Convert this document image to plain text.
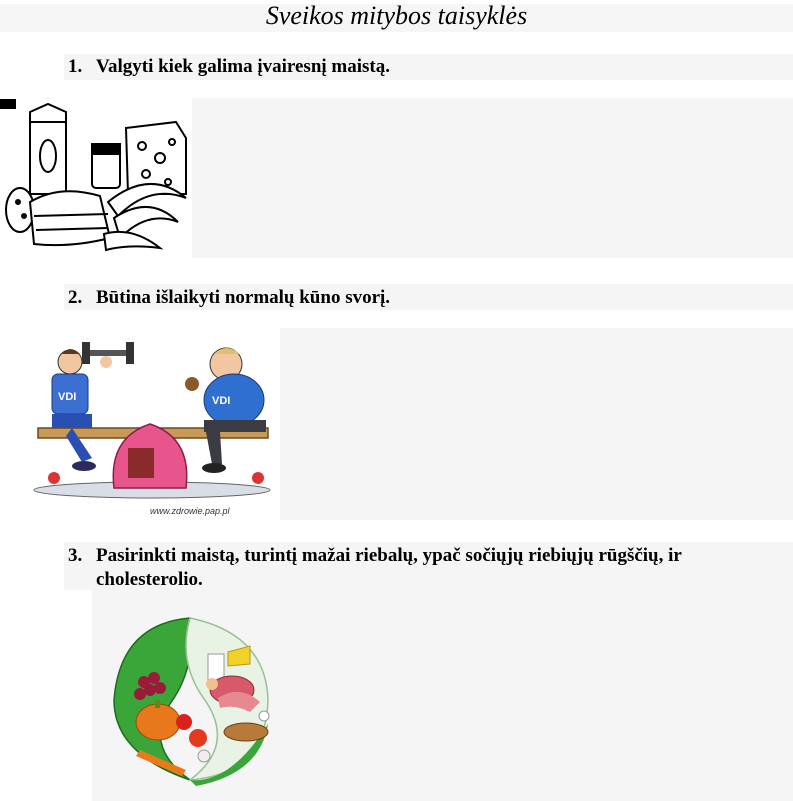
Sveikos mitybos taisyklės
1. Valgyti kiek galima įvairesnį maistą.
2. Būtina išlaikyti normalų kūno svorį.
VDI	VDI
www.zdrowie.pap.pl
3. Pasirinkti maistą, turintį mažai riebalų, ypač sočiųjų riebiųjų rūgščių, ir
cholesterolio.
